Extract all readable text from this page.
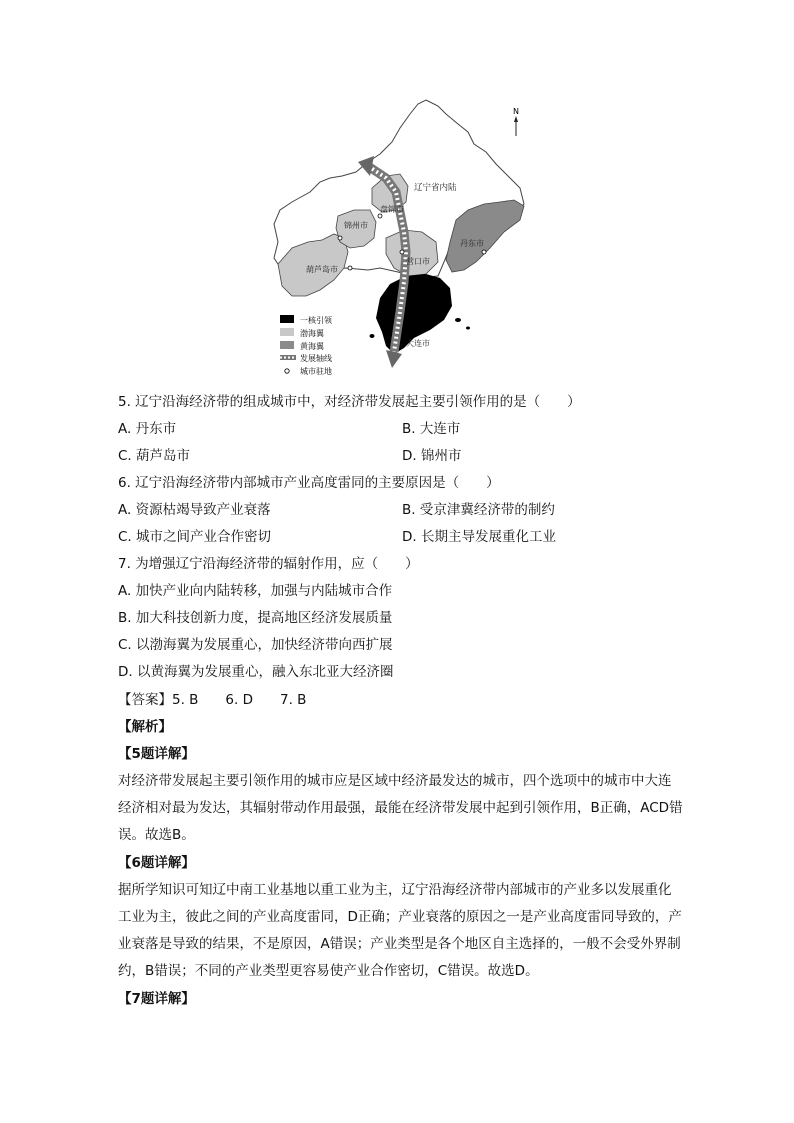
N
辽宁省内陆
锦州市
盘锦市
丹东市
营口市
葫芦岛市
大连市
一核引领
渤海翼
黄海翼
发展轴线
城市驻地
5. 辽宁沿海经济带的组成城市中，对经济带发展起主要引领作用的是（　　）
A. 丹东市	B. 大连市
C. 葫芦岛市	D. 锦州市
6. 辽宁沿海经济带内部城市产业高度雷同的主要原因是（　　）
A. 资源枯竭导致产业衰落	B. 受京津冀经济带的制约
C. 城市之间产业合作密切	D. 长期主导发展重化工业
7. 为增强辽宁沿海经济带的辐射作用，应（　　）
A. 加快产业向内陆转移，加强与内陆城市合作
B. 加大科技创新力度，提高地区经济发展质量
C. 以渤海翼为发展重心，加快经济带向西扩展
D. 以黄海翼为发展重心，融入东北亚大经济圈
【答案】5. B　　6. D　　7. B
【解析】
【5题详解】
对经济带发展起主要引领作用的城市应是区域中经济最发达的城市，四个选项中的城市中大连经济相对最为发达，其辐射带动作用最强，最能在经济带发展中起到引领作用，B正确，ACD错误。故选B。
【6题详解】
据所学知识可知辽中南工业基地以重工业为主，辽宁沿海经济带内部城市的产业多以发展重化工业为主，彼此之间的产业高度雷同，D正确；产业衰落的原因之一是产业高度雷同导致的，产业衰落是导致的结果，不是原因，A错误；产业类型是各个地区自主选择的，一般不会受外界制约，B错误；不同的产业类型更容易使产业合作密切，C错误。故选D。
【7题详解】
